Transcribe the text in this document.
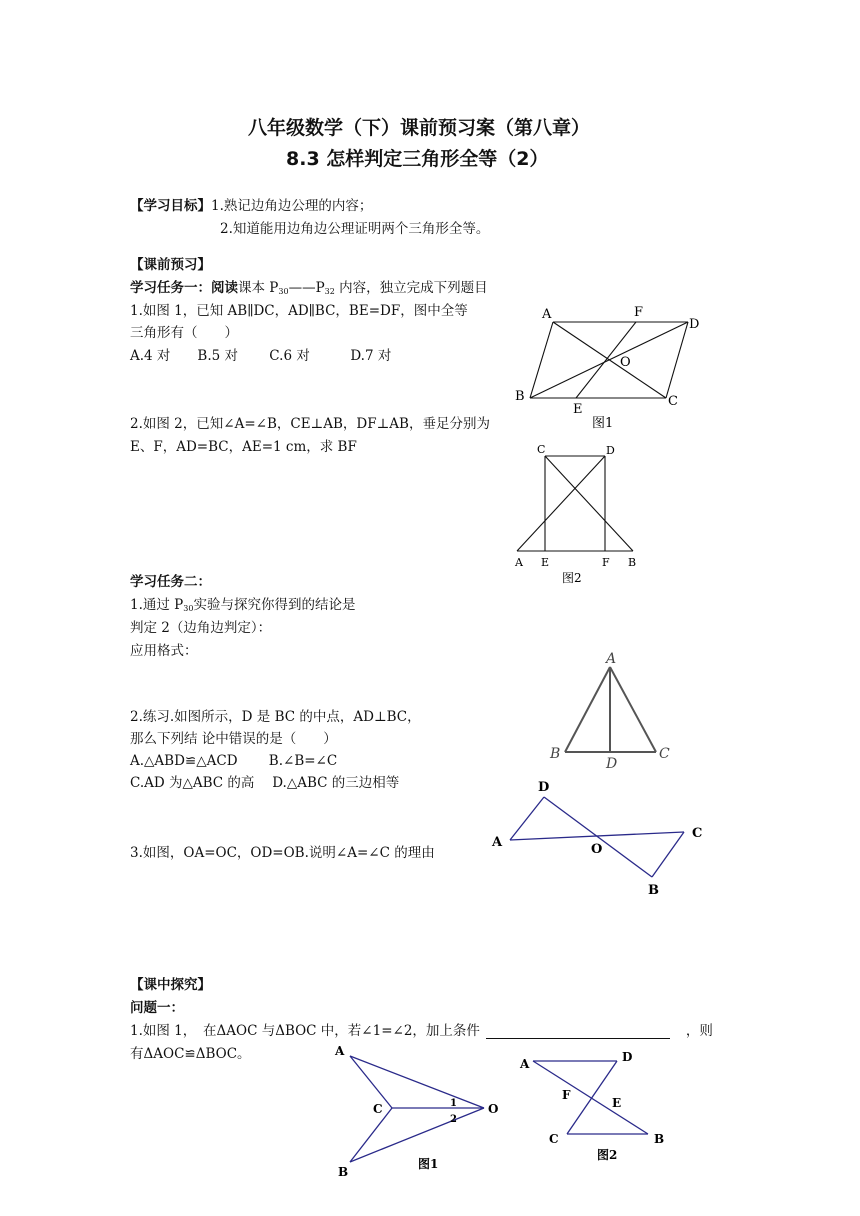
八年级数学（下）课前预习案（第八章）
8.3 怎样判定三角形全等（2）
【学习目标】1.熟记边角边公理的内容；
2.知道能用边角边公理证明两个三角形全等。
【课前预习】
学习任务一：阅读课本 $P_{30}——P_{32}$ 内容，独立完成下列题目
1.如图 1，已知 AB∥DC，AD∥BC，BE=DF，图中全等
三角形有（　　）
A.4 对　　B.5 对　　 C.6 对　　　D.7 对
2.如图 2，已知∠A=∠B，CE⊥AB，DF⊥AB，垂足分别为
E、F，AD=BC，AE=1 cm，求 BF
学习任务二：
1.通过 $P_{30}$实验与探究你得到的结论是
判定 2（边角边判定）：
应用格式：
2.练习.如图所示，D 是 BC 的中点，AD⊥BC，
那么下列结 论中错误的是（　　）
A.△ABD≌△ACD　　 B.∠B=∠C
C.AD 为△ABC 的高　 D.△ABC 的三边相等
3.如图，OA=OC，OD=OB.说明∠A=∠C 的理由
【课中探究】
问题一：
1.如图 1，　在ΔAOC 与ΔBOC 中，若∠1=∠2，加上条件	，则
有ΔAOC≌ΔBOC。
A	F
D
O
B
E
C
图1
C	D
A E	F B
图2
A
B	C
D
D
A	O
C
B
A
C	1
2
O
B
图1
A	D
F
E
C	B
图2
